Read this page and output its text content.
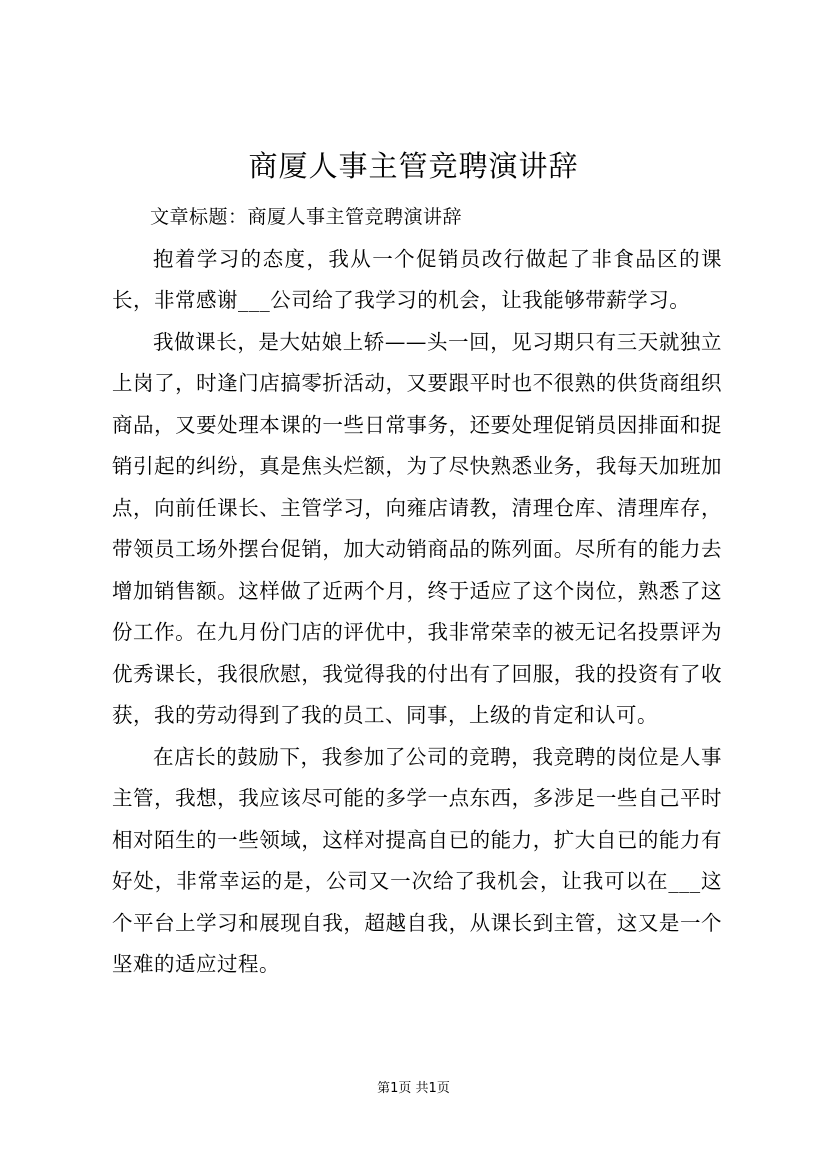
商厦人事主管竞聘演讲辞

文章标题：商厦人事主管竞聘演讲辞

抱着学习的态度，我从一个促销员改行做起了非食品区的课长，非常感谢___公司给了我学习的机会，让我能够带薪学习。

我做课长，是大姑娘上轿——头一回，见习期只有三天就独立上岗了，时逢门店搞零折活动，又要跟平时也不很熟的供货商组织商品，又要处理本课的一些日常事务，还要处理促销员因排面和捉销引起的纠纷，真是焦头烂额，为了尽快熟悉业务，我每天加班加点，向前任课长、主管学习，向雍店请教，清理仓库、清理库存，带领员工场外摆台促销，加大动销商品的陈列面。尽所有的能力去增加销售额。这样做了近两个月，终于适应了这个岗位，熟悉了这份工作。在九月份门店的评优中，我非常荣幸的被无记名投票评为优秀课长，我很欣慰，我觉得我的付出有了回服，我的投资有了收获，我的劳动得到了我的员工、同事，上级的肯定和认可。

在店长的鼓励下，我参加了公司的竞聘，我竞聘的岗位是人事主管，我想，我应该尽可能的多学一点东西，多涉足一些自己平时相对陌生的一些领域，这样对提高自已的能力，扩大自已的能力有好处，非常幸运的是，公司又一次给了我机会，让我可以在___这个平台上学习和展现自我，超越自我，从课长到主管，这又是一个坚难的适应过程。

第1页 共1页
